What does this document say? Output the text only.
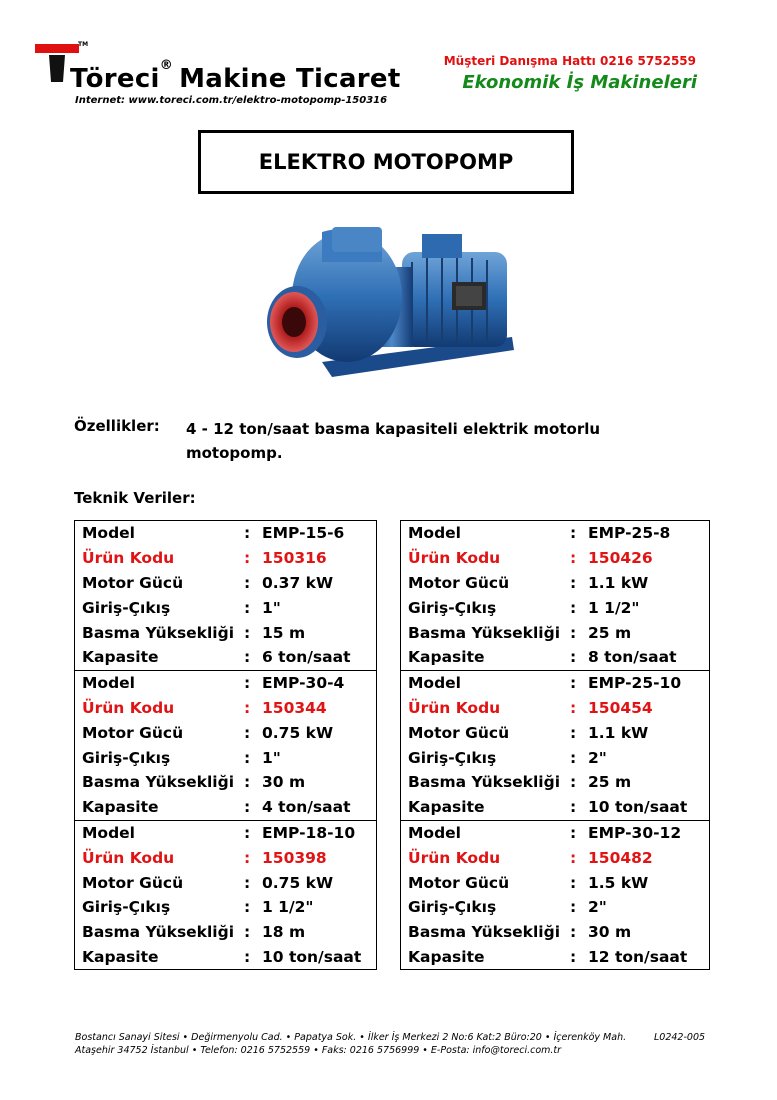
TM
Töreci® Makine Ticaret
Internet: www.toreci.com.tr/elektro-motopomp-150316
Müşteri Danışma Hattı 0216 5752559
Ekonomik İş Makineleri
ELEKTRO MOTOPOMP
Özellikler: 4 - 12 ton/saat basma kapasiteli elektrik motorlu
motopomp.
Teknik Veriler:
Model	: EMP-15-6
Ürün Kodu	: 150316
Motor Gücü	: 0.37 kW
Giriş-Çıkış	: 1"
Basma Yüksekliği : 15 m
Kapasite	: 6 ton/saat
Model	: EMP-30-4
Ürün Kodu	: 150344
Motor Gücü	: 0.75 kW
Giriş-Çıkış	: 1"
Basma Yüksekliği : 30 m
Kapasite	: 4 ton/saat
Model	: EMP-18-10
Ürün Kodu	: 150398
Motor Gücü	: 0.75 kW
Giriş-Çıkış	: 1 1/2"
Basma Yüksekliği : 18 m
Kapasite	: 10 ton/saat
Model	: EMP-25-8
Ürün Kodu	: 150426
Motor Gücü	: 1.1 kW
Giriş-Çıkış	: 1 1/2"
Basma Yüksekliği : 25 m
Kapasite	: 8 ton/saat
Model	: EMP-25-10
Ürün Kodu	: 150454
Motor Gücü	: 1.1 kW
Giriş-Çıkış	: 2"
Basma Yüksekliği : 25 m
Kapasite	: 10 ton/saat
Model	: EMP-30-12
Ürün Kodu	: 150482
Motor Gücü	: 1.5 kW
Giriş-Çıkış	: 2"
Basma Yüksekliği : 30 m
Kapasite	: 12 ton/saat
Bostancı Sanayi Sitesi • Değirmenyolu Cad. • Papatya Sok. • İlker İş Merkezi 2 No:6 Kat:2 Büro:20 • İçerenköy Mah.
Ataşehir 34752 İstanbul • Telefon: 0216 5752559 • Faks: 0216 5756999 • E-Posta: info@toreci.com.tr
L0242-005
